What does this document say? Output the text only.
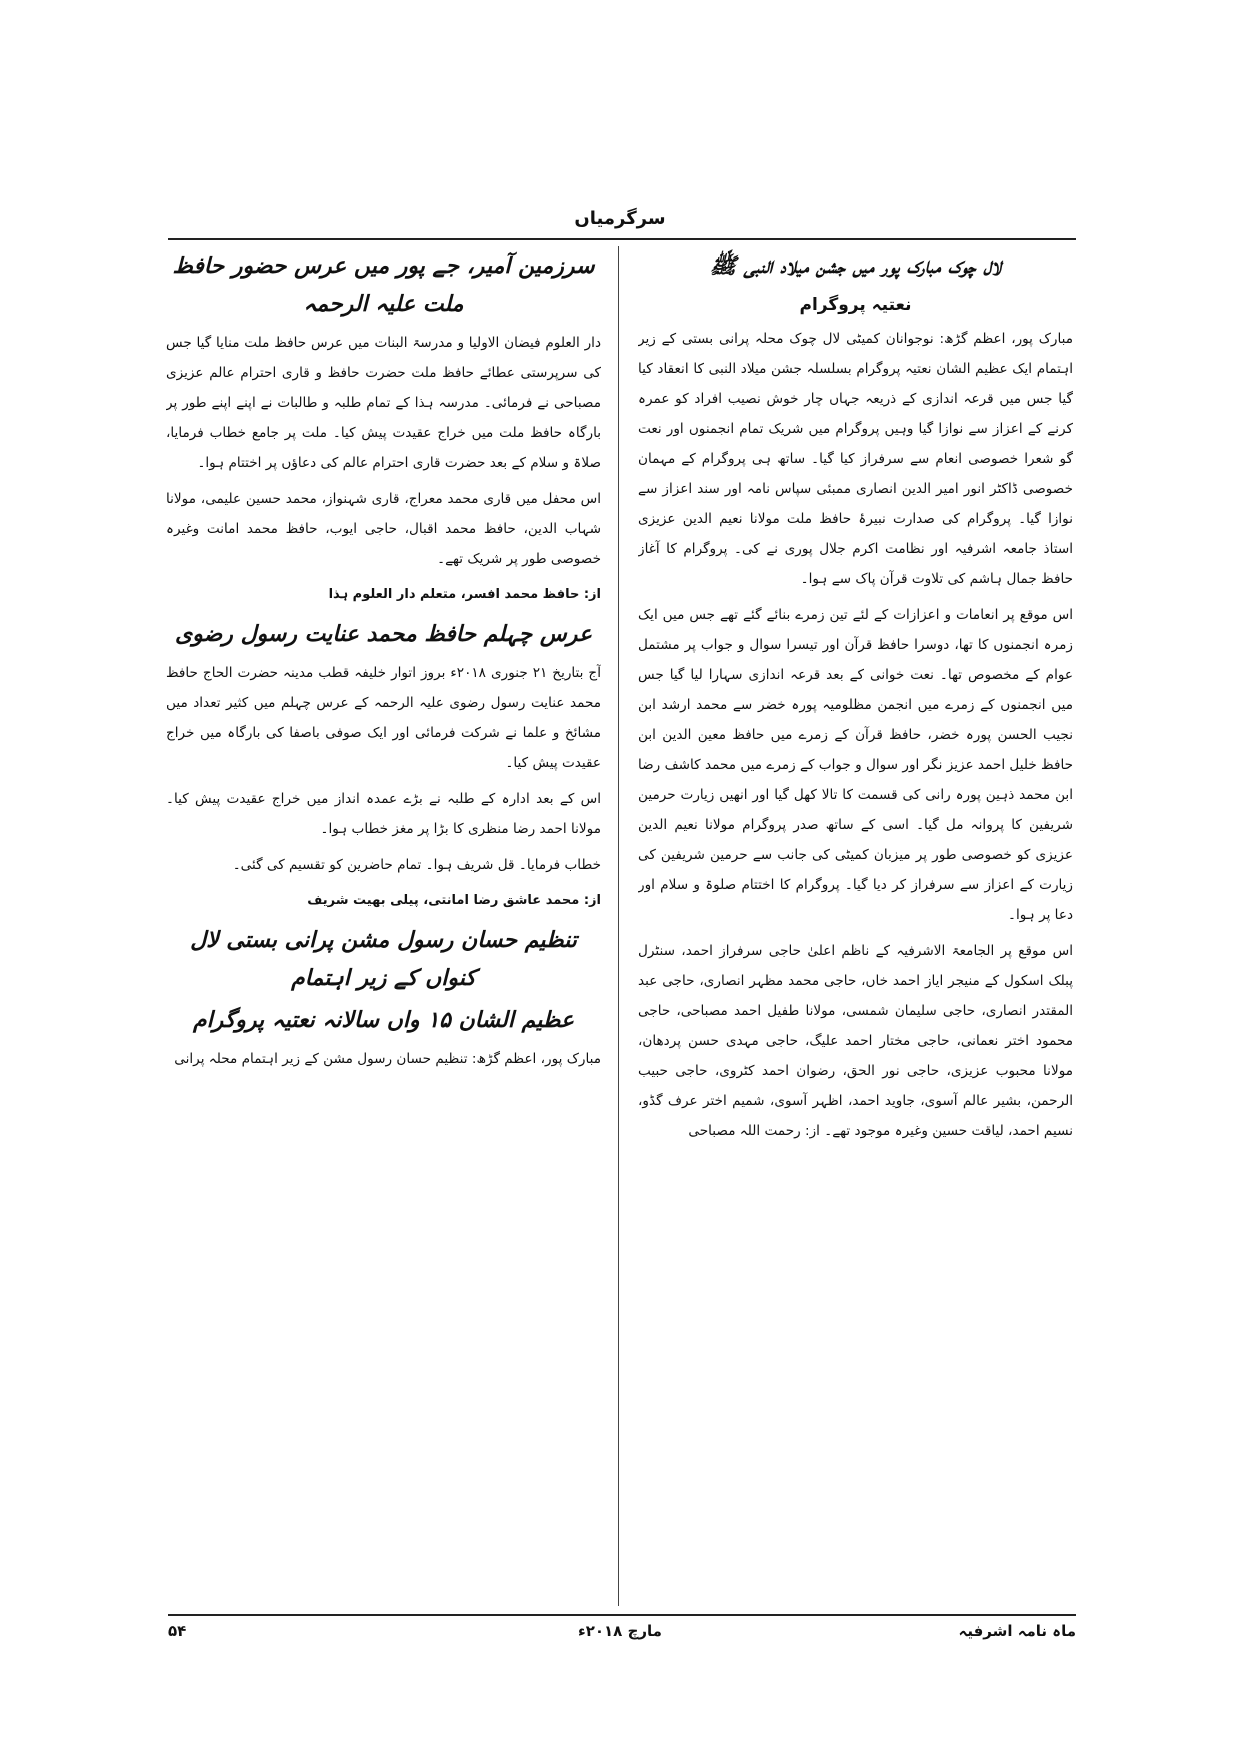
سرگرمیاں
لال چوک مبارک پور میں جشن میلاد النبی ﷺ
نعتیہ پروگرام

مبارک پور، اعظم گڑھ: نوجوانان کمیٹی لال چوک محلہ پرانی بستی کے زیر اہتمام ایک عظیم الشان نعتیہ پروگرام بسلسلہ جشن میلاد النبی کا انعقاد کیا گیا جس میں قرعہ اندازی کے ذریعہ جہاں چار خوش نصیب افراد کو عمرہ کرنے کے اعزاز سے نوازا گیا وہیں پروگرام میں شریک تمام انجمنوں اور نعت گو شعرا خصوصی انعام سے سرفراز کیا گیا۔ ساتھ ہی پروگرام کے مہمان خصوصی ڈاکٹر انور امیر الدین انصاری ممبئی سپاس نامہ اور سند اعزاز سے نوازا گیا۔ پروگرام کی صدارت نبیرۂ حافظ ملت مولانا نعیم الدین عزیزی استاذ جامعہ اشرفیہ اور نظامت اکرم جلال پوری نے کی۔ پروگرام کا آغاز حافظ جمال ہاشم کی تلاوت قرآن پاک سے ہوا۔

اس موقع پر انعامات و اعزازات کے لئے تین زمرے بنائے گئے تھے جس میں ایک زمرہ انجمنوں کا تھا، دوسرا حافظ قرآن اور تیسرا سوال و جواب پر مشتمل عوام کے مخصوص تھا۔ نعت خوانی کے بعد قرعہ اندازی سہارا لیا گیا جس میں انجمنوں کے زمرے میں انجمن مظلومیہ پورہ خضر سے محمد ارشد ابن نجیب الحسن پورہ خضر، حافظ قرآن کے زمرے میں حافظ معین الدین ابن حافظ خلیل احمد عزیز نگر اور سوال و جواب کے زمرے میں محمد کاشف رضا ابن محمد ذہین پورہ رانی کی قسمت کا تالا کھل گیا اور انھیں زیارت حرمین شریفین کا پروانہ مل گیا۔ اسی کے ساتھ صدر پروگرام مولانا نعیم الدین عزیزی کو خصوصی طور پر میزبان کمیٹی کی جانب سے حرمین شریفین کی زیارت کے اعزاز سے سرفراز کر دیا گیا۔ پروگرام کا اختتام صلوۃ و سلام اور دعا پر ہوا۔

اس موقع پر الجامعۃ الاشرفیہ کے ناظم اعلیٰ حاجی سرفراز احمد، سنٹرل پبلک اسکول کے منیجر ایاز احمد خاں، حاجی محمد مظہر انصاری، حاجی عبد المقتدر انصاری، حاجی سلیمان شمسی، مولانا طفیل احمد مصباحی، حاجی محمود اختر نعمانی، حاجی مختار احمد علیگ، حاجی مہدی حسن پردھان، مولانا محبوب عزیزی، حاجی نور الحق، رضوان احمد کٹروی، حاجی حبیب الرحمن، بشیر عالم آسوی، جاوید احمد، اظہر آسوی، شمیم اختر عرف گڈو، نسیم احمد، لیاقت حسین وغیرہ موجود تھے۔ از: رحمت اللہ مصباحی

سرزمین آمیر، جے پور میں عرس حضور حافظ ملت علیہ الرحمہ

دار العلوم فیضان الاولیا و مدرسۃ البنات میں عرس حافظ ملت منایا گیا جس کی سرپرستی عطائے حافظ ملت حضرت حافظ و قاری احترام عالم عزیزی مصباحی نے فرمائی۔ مدرسہ ہذا کے تمام طلبہ و طالبات نے اپنے اپنے طور پر بارگاہ حافظ ملت میں خراج عقیدت پیش کیا۔ ملت پر جامع خطاب فرمایا، صلاۃ و سلام کے بعد حضرت قاری احترام عالم کی دعاؤں پر اختتام ہوا۔

اس محفل میں قاری محمد معراج، قاری شہنواز، محمد حسین علیمی، مولانا شہاب الدین، حافظ محمد اقبال، حاجی ایوب، حافظ محمد امانت وغیرہ خصوصی طور پر شریک تھے۔

از: حافظ محمد افسر، متعلم دار العلوم ہذا

عرس چہلم حافظ محمد عنایت رسول رضوی

آج بتاریخ ۲۱ جنوری ۲۰۱۸ء بروز اتوار خلیفہ قطب مدینہ حضرت الحاج حافظ محمد عنایت رسول رضوی علیہ الرحمہ کے عرس چہلم میں کثیر تعداد میں مشائخ و علما نے شرکت فرمائی اور ایک صوفی باصفا کی بارگاہ میں خراج عقیدت پیش کیا۔

اس کے بعد ادارہ کے طلبہ نے بڑے عمدہ انداز میں خراج عقیدت پیش کیا۔ مولانا احمد رضا منظری کا بڑا پر مغز خطاب ہوا۔

خطاب فرمایا۔ قل شریف ہوا۔ تمام حاضرین کو تقسیم کی گئی۔

از: محمد عاشق رضا امانتی، پیلی بھیت شریف

تنظیم حسان رسول مشن پرانی بستی لال کنواں کے زیر اہتمام
عظیم الشان ۱۵ واں سالانہ نعتیہ پروگرام

مبارک پور، اعظم گڑھ: تنظیم حسان رسول مشن کے زیر اہتمام محلہ پرانی

ماہ نامہ اشرفیہ
مارچ ۲۰۱۸ء
۵۴
